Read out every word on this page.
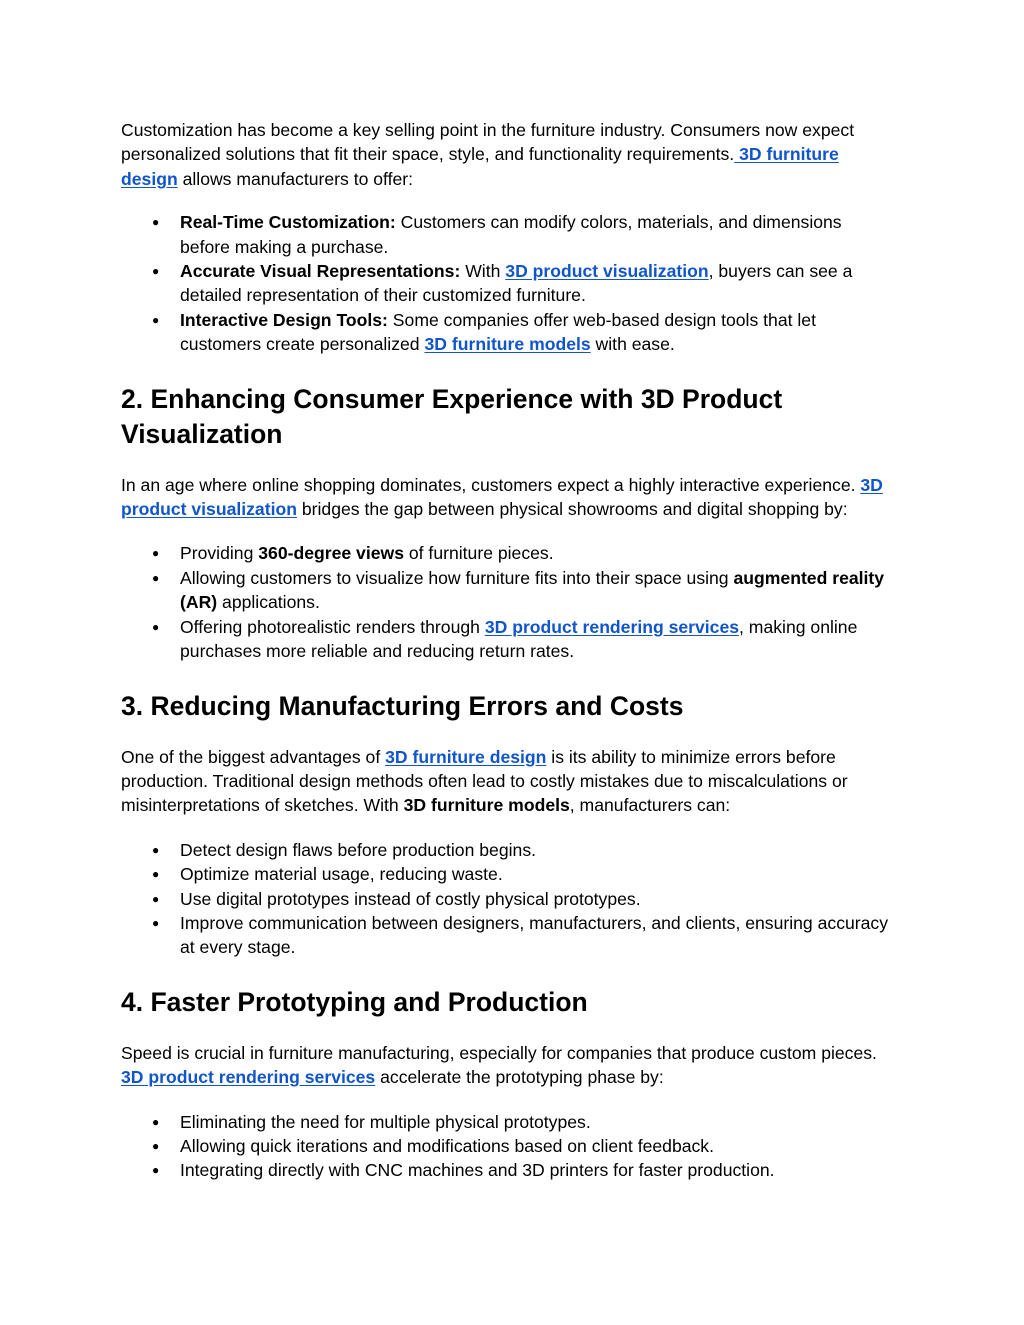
Customization has become a key selling point in the furniture industry. Consumers now expect personalized solutions that fit their space, style, and functionality requirements. 3D furniture design allows manufacturers to offer:

● Real-Time Customization: Customers can modify colors, materials, and dimensions before making a purchase.
● Accurate Visual Representations: With 3D product visualization, buyers can see a detailed representation of their customized furniture.
● Interactive Design Tools: Some companies offer web-based design tools that let customers create personalized 3D furniture models with ease.
2. Enhancing Consumer Experience with 3D Product Visualization

In an age where online shopping dominates, customers expect a highly interactive experience. 3D product visualization bridges the gap between physical showrooms and digital shopping by:

● Providing 360-degree views of furniture pieces.
● Allowing customers to visualize how furniture fits into their space using augmented reality (AR) applications.
● Offering photorealistic renders through 3D product rendering services, making online purchases more reliable and reducing return rates.
3. Reducing Manufacturing Errors and Costs

One of the biggest advantages of 3D furniture design is its ability to minimize errors before production. Traditional design methods often lead to costly mistakes due to miscalculations or misinterpretations of sketches. With 3D furniture models, manufacturers can:

● Detect design flaws before production begins.
● Optimize material usage, reducing waste.
● Use digital prototypes instead of costly physical prototypes.
● Improve communication between designers, manufacturers, and clients, ensuring accuracy at every stage.
4. Faster Prototyping and Production

Speed is crucial in furniture manufacturing, especially for companies that produce custom pieces. 3D product rendering services accelerate the prototyping phase by:

● Eliminating the need for multiple physical prototypes.
● Allowing quick iterations and modifications based on client feedback.
● Integrating directly with CNC machines and 3D printers for faster production.
